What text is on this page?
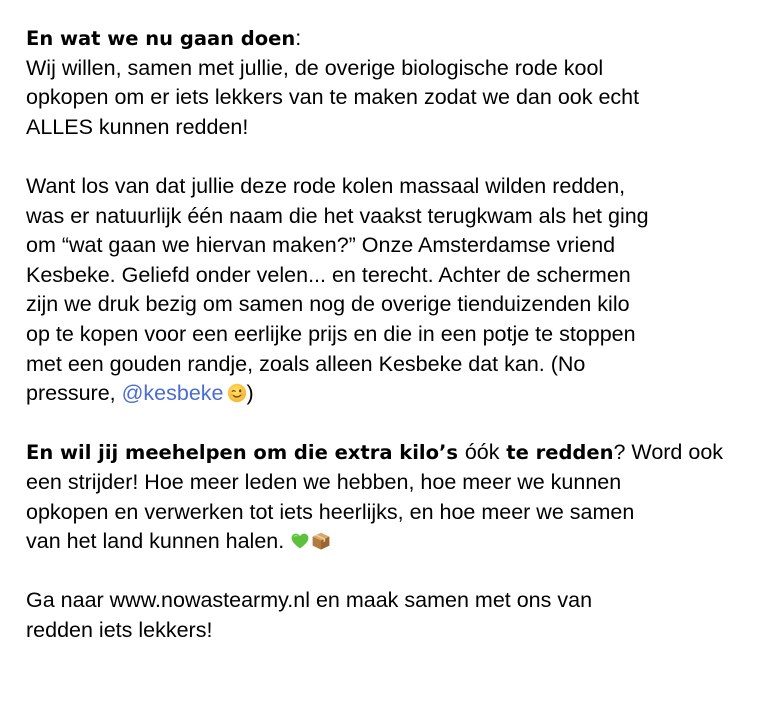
En wat we nu gaan doen:
Wij willen, samen met jullie, de overige biologische rode kool
opkopen om er iets lekkers van te maken zodat we dan ook echt
ALLES kunnen redden!
Want los van dat jullie deze rode kolen massaal wilden redden,
was er natuurlijk één naam die het vaakst terugkwam als het ging
om “wat gaan we hiervan maken?” Onze Amsterdamse vriend
Kesbeke. Geliefd onder velen... en terecht. Achter de schermen
zijn we druk bezig om samen nog de overige tienduizenden kilo
op te kopen voor een eerlijke prijs en die in een potje te stoppen
met een gouden randje, zoals alleen Kesbeke dat kan. (No
pressure, @kesbeke )
En wil jij meehelpen om die extra kilo’s óók te redden? Word ook
een strijder! Hoe meer leden we hebben, hoe meer we kunnen
opkopen en verwerken tot iets heerlijks, en hoe meer we samen
van het land kunnen halen.
Ga naar www.nowastearmy.nl en maak samen met ons van
redden iets lekkers!
